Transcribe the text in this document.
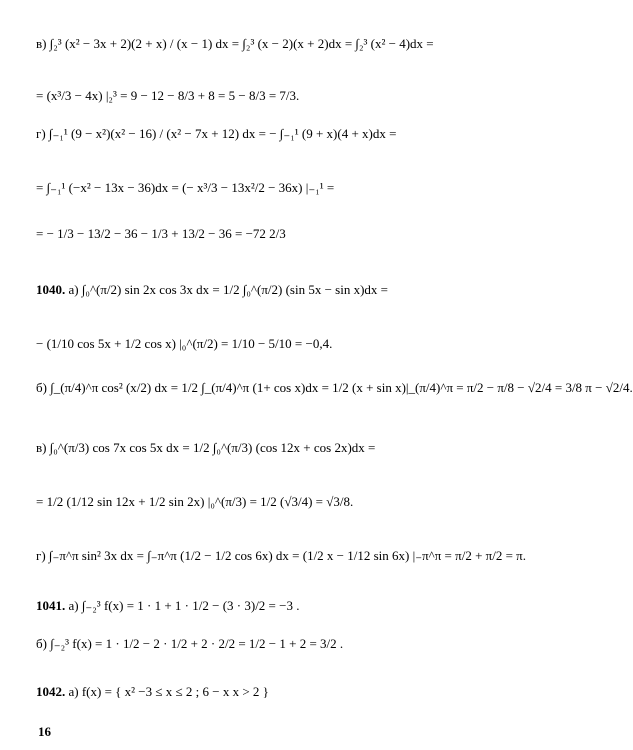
в) ∫₂³ (x² − 3x + 2)(2 + x) / (x − 1) dx = ∫₂³ (x − 2)(x + 2)dx = ∫₂³ (x² − 4)dx =
= (x³/3 − 4x) |₂³ = 9 − 12 − 8/3 + 8 = 5 − 8/3 = 7/3.
г) ∫₋₁¹ (9 − x²)(x² − 16) / (x² − 7x + 12) dx = − ∫₋₁¹ (9 + x)(4 + x)dx =
= ∫₋₁¹ (−x² − 13x − 36)dx = (− x³/3 − 13x²/2 − 36x) |₋₁¹ =
= − 1/3 − 13/2 − 36 − 1/3 + 13/2 − 36 = −72 2/3
1040. а) ∫₀^(π/2) sin 2x cos 3x dx = 1/2 ∫₀^(π/2) (sin 5x − sin x)dx =
− (1/10 cos 5x + 1/2 cos x) |₀^(π/2) = 1/10 − 5/10 = −0,4.
б) ∫_(π/4)^π cos² (x/2) dx = 1/2 ∫_(π/4)^π (1+ cos x)dx = 1/2 (x + sin x)|_(π/4)^π = π/2 − π/8 − √2/4 = 3/8 π − √2/4.
в) ∫₀^(π/3) cos 7x cos 5x dx = 1/2 ∫₀^(π/3) (cos 12x + cos 2x)dx =
= 1/2 (1/12 sin 12x + 1/2 sin 2x) |₀^(π/3) = 1/2 (√3/4) = √3/8.
г) ∫₋π^π sin² 3x dx = ∫₋π^π (1/2 − 1/2 cos 6x) dx = (1/2 x − 1/12 sin 6x) |₋π^π = π/2 + π/2 = π.
1041. а) ∫₋₂³ f(x) = 1 · 1 + 1 · 1/2 − (3 · 3)/2 = −3 .
б) ∫₋₂³ f(x) = 1 · 1/2 − 2 · 1/2 + 2 · 2/2 = 1/2 − 1 + 2 = 3/2 .
1042. а) f(x) = { x² −3 ≤ x ≤ 2 ; 6 − x x > 2 }
16
